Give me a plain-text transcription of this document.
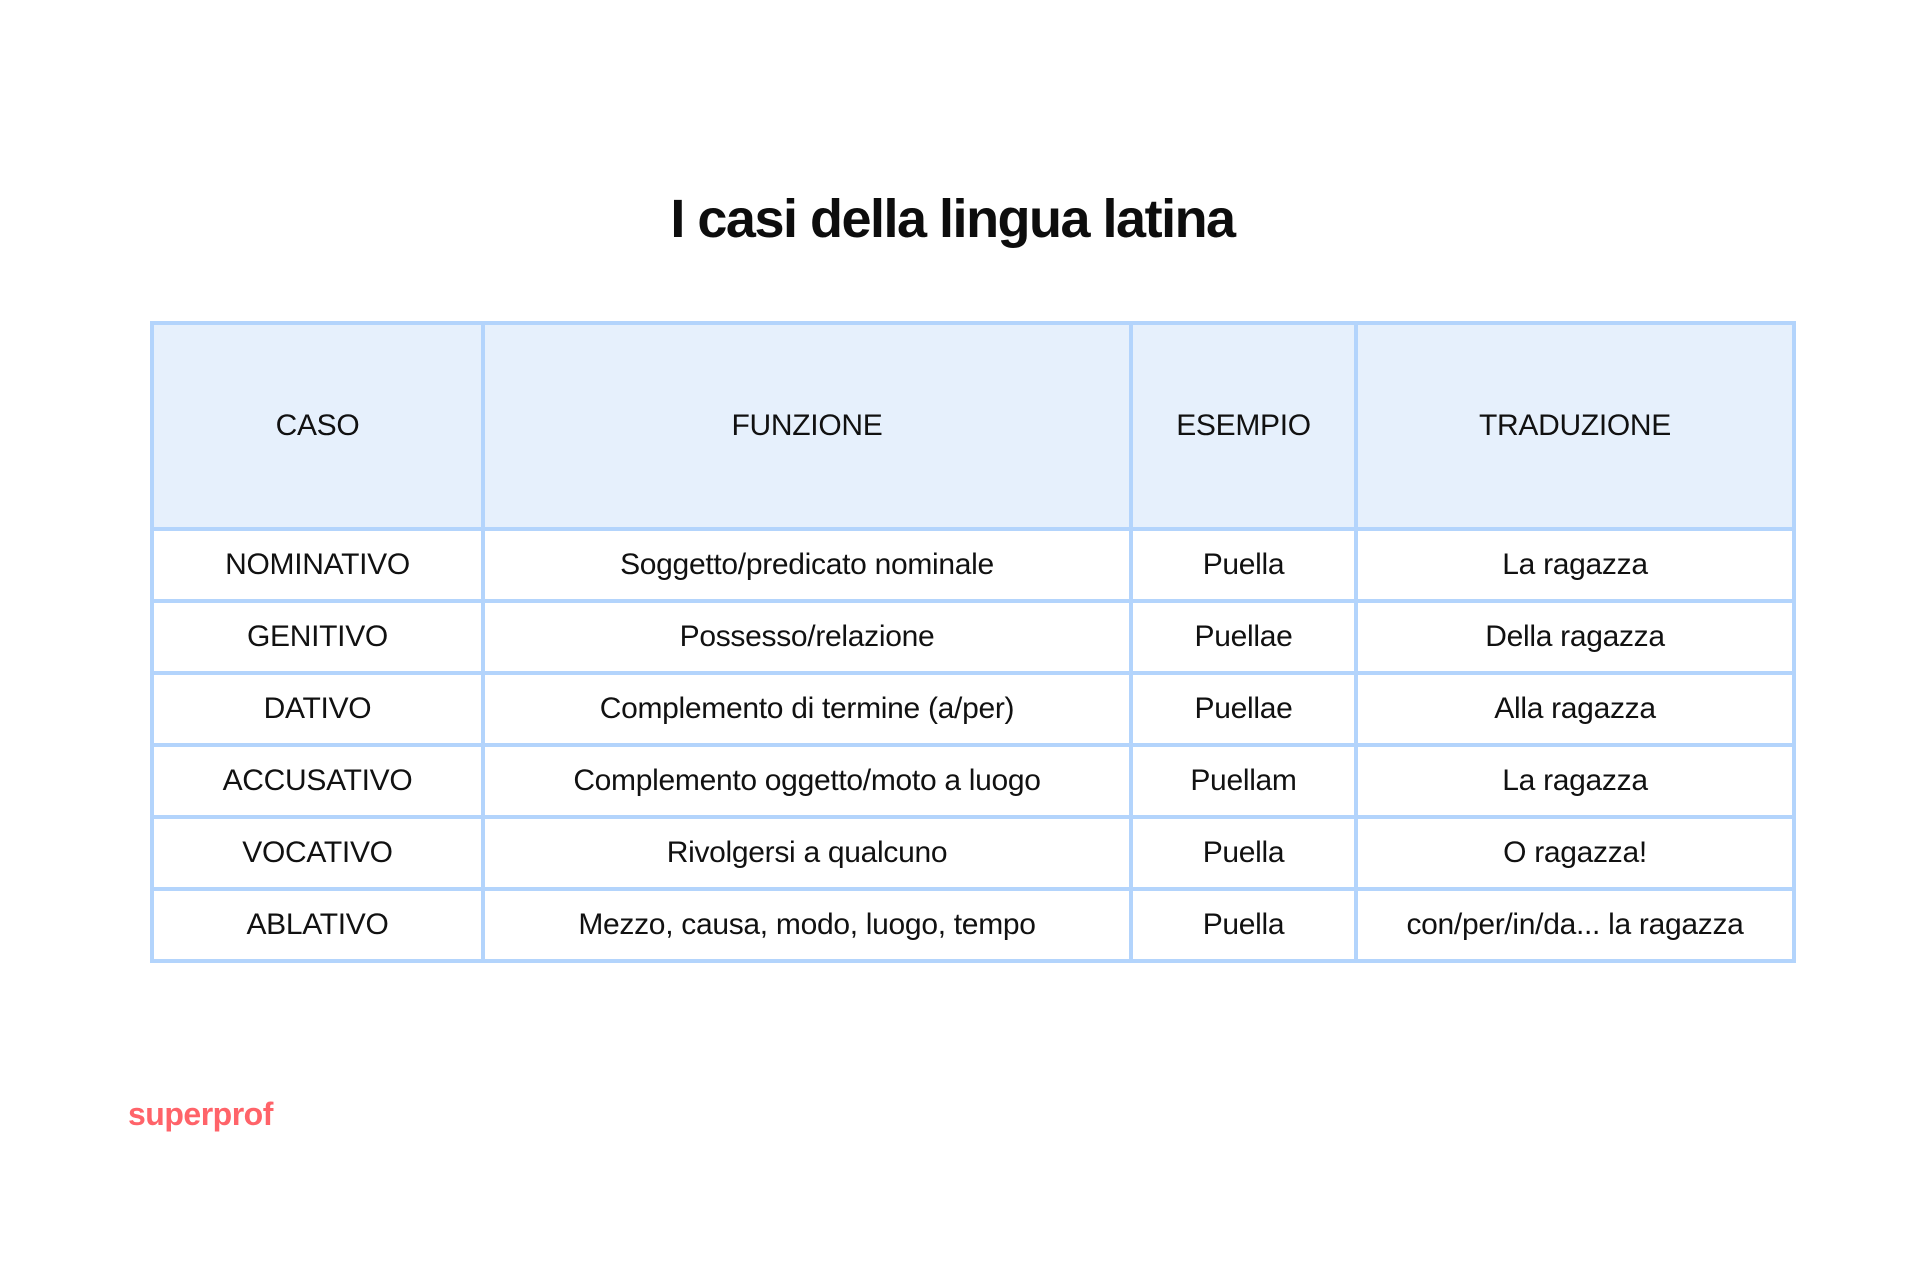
I casi della lingua latina
CASO	FUNZIONE	ESEMPIO	TRADUZIONE
NOMINATIVO	Soggetto/predicato nominale	Puella	La ragazza
GENITIVO	Possesso/relazione	Puellae	Della ragazza
DATIVO	Complemento di termine (a/per)	Puellae	Alla ragazza
ACCUSATIVO	Complemento oggetto/moto a luogo	Puellam	La ragazza
VOCATIVO	Rivolgersi a qualcuno	Puella	O ragazza!
ABLATIVO	Mezzo, causa, modo, luogo, tempo	Puella	con/per/in/da... la ragazza
superprof
